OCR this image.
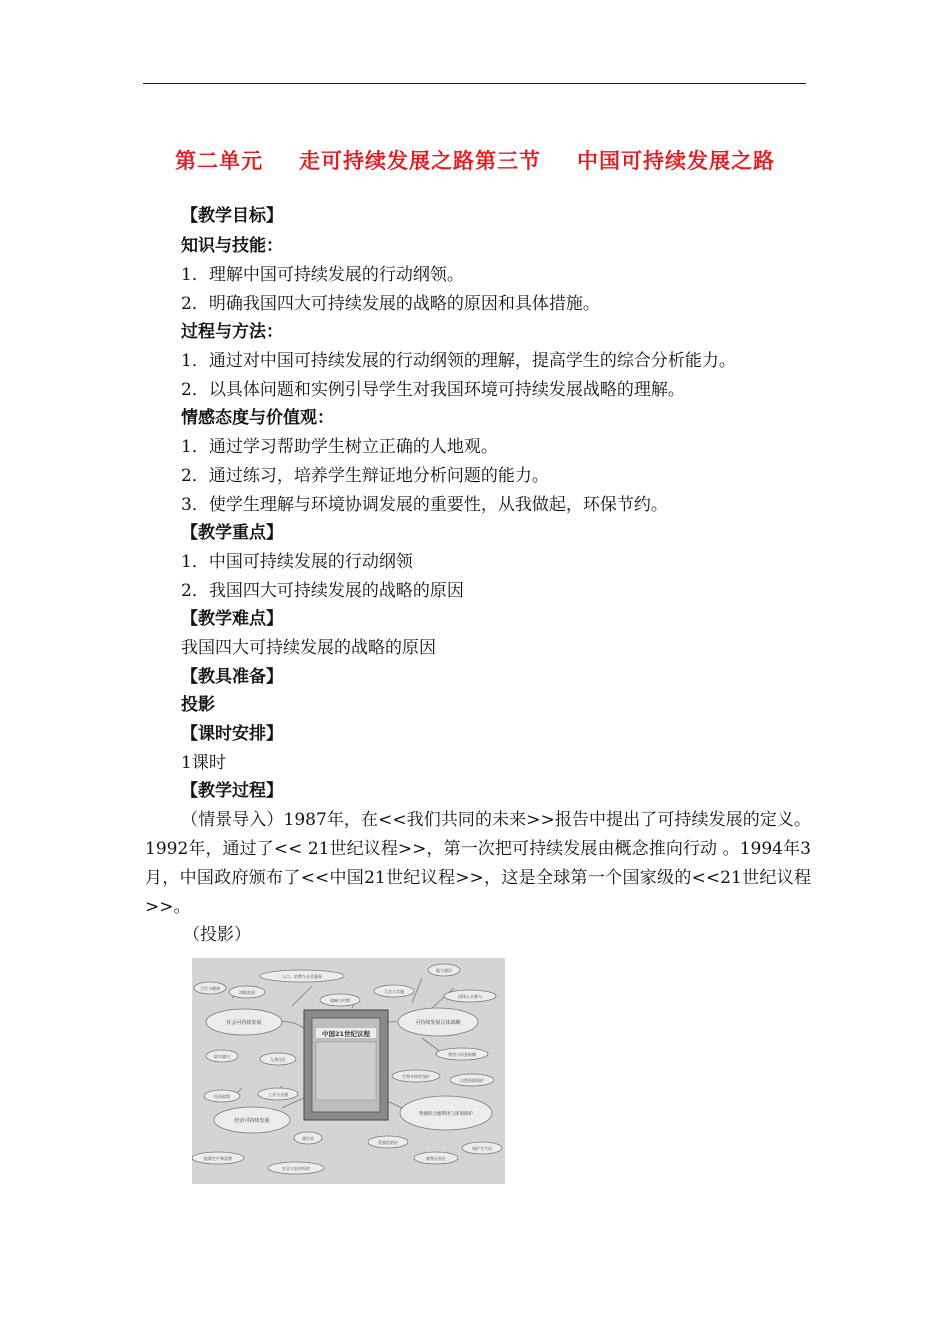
第二单元 走可持续发展之路第三节 中国可持续发展之路
【教学目标】
知识与技能：
1．理解中国可持续发展的行动纲领。
2．明确我国四大可持续发展的战略的原因和具体措施。
过程与方法：
1．通过对中国可持续发展的行动纲领的理解，提高学生的综合分析能力。
2．以具体问题和实例引导学生对我国环境可持续发展战略的理解。
情感态度与价值观：
1．通过学习帮助学生树立正确的人地观。
2．通过练习，培养学生辩证地分析问题的能力。
3．使学生理解与环境协调发展的重要性，从我做起，环保节约。
【教学重点】
1．中国可持续发展的行动纲领
2．我国四大可持续发展的战略的原因
【教学难点】
我国四大可持续发展的战略的原因
【教具准备】
投影
【课时安排】
1课时
【教学过程】
（情景导入）1987年，在<<我们共同的未来>>报告中提出了可持续发展的定义。1992年，通过了<< 21世纪议程>>，第一次把可持续发展由概念推向行动 。1994年3月，中国政府颁布了<<中国21世纪议程>>，这是全球第一个国家级的<<21世纪议程>>。
（投影）
中国21世纪议程
社会可持续发展	可持续发展总体战略
经济可持续发展
资源的合理利用与环境保护
卫生与健康
人口、消费与社会服务
消除贫困
战略与对策
立法与实施
能力建设
团体公众参与
防灾减灾
人类住区
费用与资金机制
生物多样性保护
自然资源保护
经济政策	工业与交通
能源生产和消费
农业与农村经济
通信业
荒漠化防治
保护大气层
废物无害化
